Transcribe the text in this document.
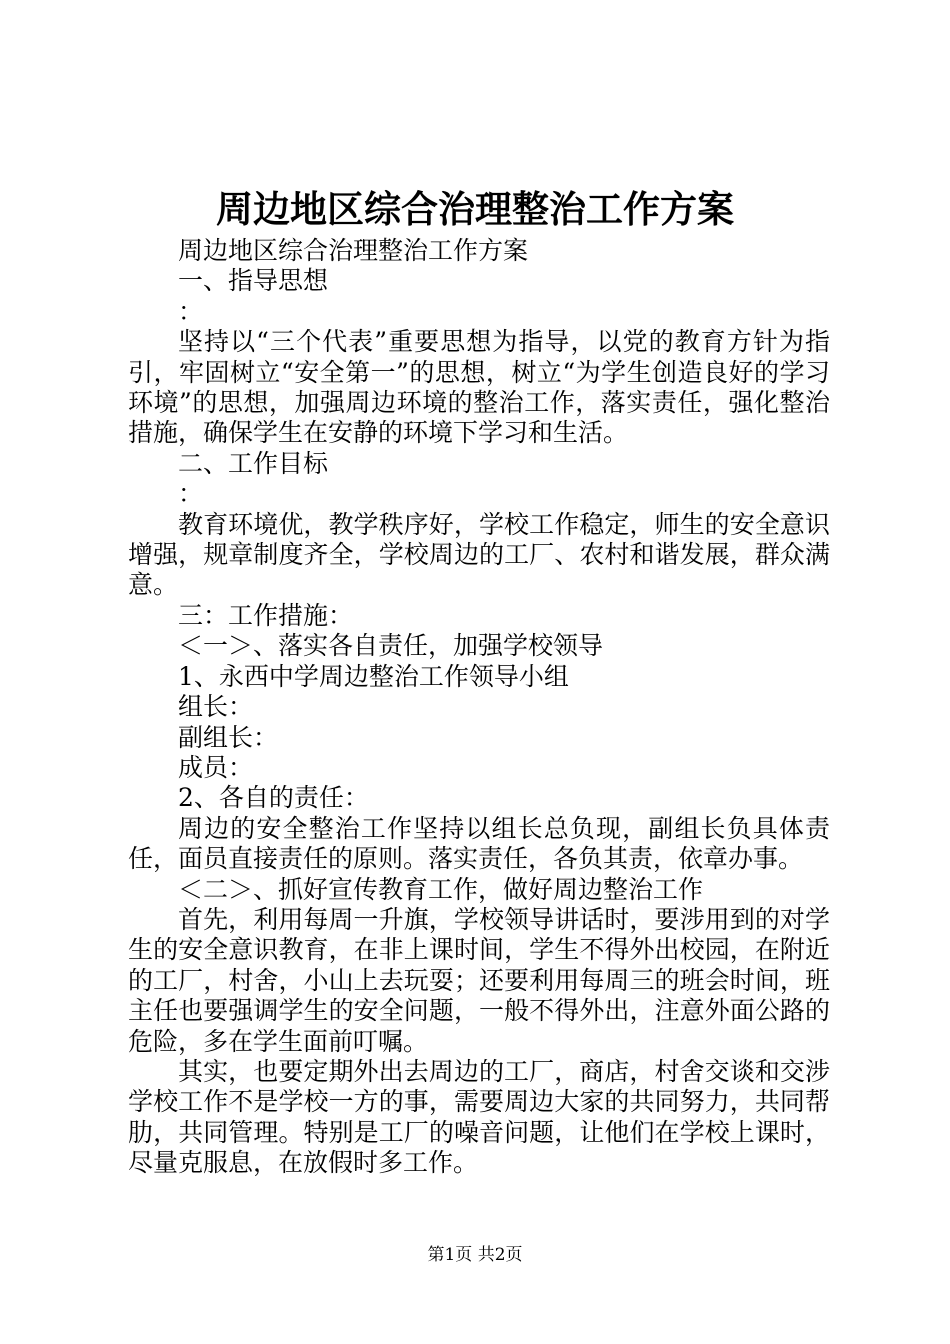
周边地区综合治理整治工作方案

周边地区综合治理整治工作方案

一、指导思想

：

坚持以“三个代表”重要思想为指导，以党的教育方针为指引，牢固树立“安全第一”的思想，树立“为学生创造良好的学习环境”的思想，加强周边环境的整治工作，落实责任，强化整治措施，确保学生在安静的环境下学习和生活。

二、工作目标

：

教育环境优，教学秩序好，学校工作稳定，师生的安全意识增强，规章制度齐全，学校周边的工厂、农村和谐发展，群众满意。

三：工作措施：

＜一＞、落实各自责任，加强学校领导

1、永西中学周边整治工作领导小组

组长：

副组长：

成员：

2、各自的责任：

周边的安全整治工作坚持以组长总负现，副组长负具体责任，面员直接责任的原则。落实责任，各负其责，依章办事。

＜二＞、抓好宣传教育工作，做好周边整治工作

首先，利用每周一升旗，学校领导讲话时，要涉用到的对学生的安全意识教育，在非上课时间，学生不得外出校园，在附近的工厂，村舍，小山上去玩耍；还要利用每周三的班会时间，班主任也要强调学生的安全问题，一般不得外出，注意外面公路的危险，多在学生面前叮嘱。

其实，也要定期外出去周边的工厂，商店，村舍交谈和交涉学校工作不是学校一方的事，需要周边大家的共同努力，共同帮肋，共同管理。特别是工厂的噪音问题，让他们在学校上课时，尽量克服息，在放假时多工作。

第1页 共2页
